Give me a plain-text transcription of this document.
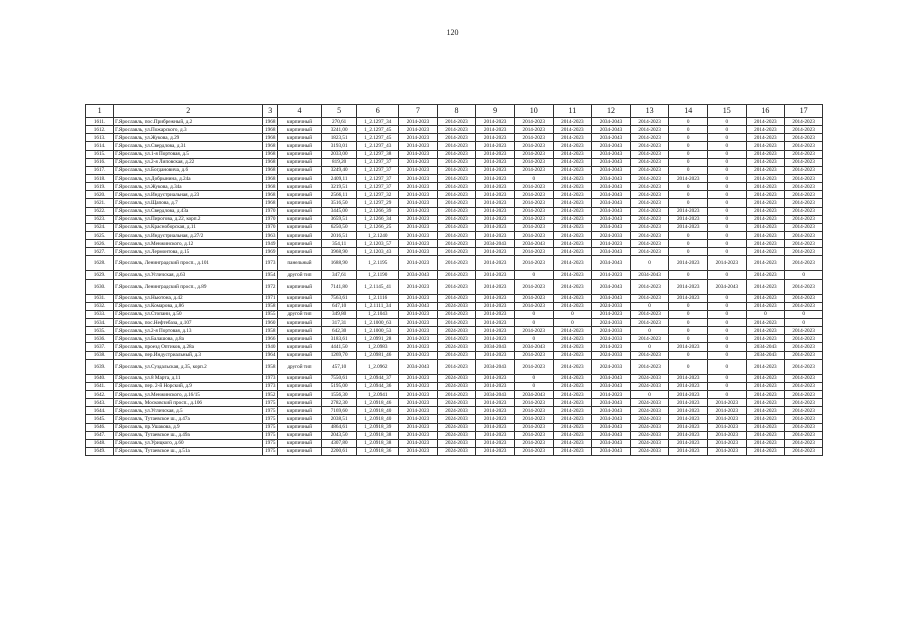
120
1	2	3	4	5	6	7	8	9	10	11	12	13	14	15	16	17
1611.	Г.Ярославль, пос.Прибрежный, д.2	1968	кирпичный	270,61	1_2.1297_34	2014-2023	2014-2023	2014-2023	2014-2023	2014-2023	2034-2043	2014-2023	0	0	2014-2023	2014-2023
1612.	Г.Ярославль, ул.Пожарского, д.3	1968	кирпичный	3241,00	1_2.1297_45	2014-2023	2014-2023	2014-2023	2014-2023	2014-2023	2034-2043	2014-2023	0	0	2014-2023	2014-2023
1613.	Г.Ярославль, ул.Жукова, д.29	1968	кирпичный	1823,51	1_2.1297_45	2014-2023	2014-2023	2014-2023	2014-2023	2014-2023	2034-2043	2014-2023	0	0	2014-2023	2014-2023
1614.	Г.Ярославль, ул.Свердлова, д.31	1968	кирпичный	3193,01	1_2.1297_43	2014-2023	2014-2023	2014-2023	2014-2023	2014-2023	2034-2043	2014-2023	0	0	2014-2023	2014-2023
1615.	Г.Ярославль, ул.1-я Портовая, д.5	1968	кирпичный	2033,00	1_2.1297_38	2014-2023	2014-2023	2014-2023	2014-2023	2014-2023	2034-2043	2014-2023	0	0	2014-2023	2014-2023
1616.	Г.Ярославль, ул.2-я Липовская, д.22	1968	кирпичный	819,20	1_2.1297_37	2014-2023	2014-2023	2014-2023	2014-2023	2014-2023	2034-2043	2014-2023	0	0	2014-2023	2014-2023
1617.	Г.Ярославль, ул.Богдановича, д.6	1968	кирпичный	3249,40	1_2.1297_37	2014-2023	2014-2023	2014-2023	2014-2023	2014-2023	2034-2043	2014-2023	0	0	2014-2023	2014-2023
1618.	Г.Ярославль, ул.Добрынина, д.24а	1968	кирпичный	2409,11	1_2.1297_37	2014-2023	2014-2023	2014-2023	0	2014-2023	2034-2043	2014-2023	2014-2023	0	2014-2023	2014-2023
1619.	Г.Ярославль, ул.Жукова, д.34а	1968	кирпичный	3219,51	1_2.1297_37	2014-2023	2014-2023	2014-2023	2014-2023	2014-2023	2034-2043	2014-2023	0	0	2014-2023	2014-2023
1620.	Г.Ярославль, ул.Индустриальная, д.23	1968	кирпичный	2566,11	1_2.1297_32	2014-2023	2014-2023	2014-2023	2014-2023	2014-2023	2034-2043	2014-2023	0	0	2014-2023	2014-2023
1621.	Г.Ярославль, ул.Щапова, д.7	1968	кирпичный	3516,50	1_2.1297_29	2014-2023	2014-2023	2014-2023	2014-2023	2014-2023	2034-2043	2014-2023	0	0	2014-2023	2014-2023
1622.	Г.Ярославль, ул.Свердлова, д.43а	1970	кирпичный	3445,00	1_2.1266_39	2014-2023	2014-2023	2014-2023	2014-2023	2014-2023	2034-2043	2014-2023	2014-2023	0	2014-2023	2014-2023
1623.	Г.Ярославль, ул.Пирогова, д.22, корп.2	1970	кирпичный	3659,51	1_2.1266_34	2014-2023	2014-2023	2014-2023	2014-2023	2014-2023	2034-2043	2014-2023	2014-2023	0	2014-2023	2014-2023
1624.	Г.Ярославль, ул.Красноборская, д.11	1970	кирпичный	6250,50	1_2.1266_25	2014-2023	2014-2023	2014-2023	2014-2023	2014-2023	2034-2043	2014-2023	2014-2023	0	2014-2023	2014-2023
1625.	Г.Ярославль, ул.Индустриальная, д.27/2	1963	кирпичный	2016,51	1_2.1240	2014-2023	2014-2023	2014-2023	2014-2023	2014-2023	2024-2033	2014-2023	0	0	2014-2023	2014-2023
1626.	Г.Ярославль, ул.Менжинского, д.12	1949	кирпичный	354,11	1_2.1203_57	2014-2023	2014-2023	2034-2043	2034-2043	2014-2023	2014-2023	2014-2023	0	0	2014-2023	2014-2023
1627.	Г.Ярославль, ул.Лермонтова, д.15	1969	кирпичный	3968,90	1_2.1203_43	2014-2023	2014-2023	2014-2023	2014-2023	2014-2023	2034-2043	2014-2023	0	0	2014-2023	2014-2023
1628.	Г.Ярославль, Ленинградский просп., д.101	1973	панельный	1688,90	1_2.1195	2014-2023	2014-2023	2014-2023	2014-2023	2014-2023	2034-2043	0	2014-2023	2014-2023	2014-2023	2014-2023
1629.	Г.Ярославль, ул.Угличская, д.63	1954	другой тип	347,61	1_2.1190	2034-2043	2014-2023	2014-2023	0	2014-2023	2014-2023	2034-2043	0	0	2014-2023	0
1630.	Г.Ярославль, Ленинградский просп., д.89	1972	кирпичный	7141,80	1_2.1145_41	2014-2023	2014-2023	2014-2023	2014-2023	2014-2023	2034-2043	2014-2023	2014-2023	2034-2043	2014-2023	2014-2023
1631.	Г.Ярославль, ул.Ньютона, д.42	1971	кирпичный	7563,61	1_2.1116	2014-2023	2014-2023	2014-2023	2014-2023	2014-2023	2034-2043	2014-2023	2014-2023	0	2014-2023	2014-2023
1632.	Г.Ярославль, ул.Комарова, д.86	1958	кирпичный	647,10	1_2.1111_34	2034-2043	2024-2033	2014-2023	2014-2023	2014-2023	2024-2033	0	0	0	2014-2023	2014-2023
1633.	Г.Ярославль, ул.Стопани, д.50	1955	другой тип	349,80	1_2.1043	2014-2023	2014-2023	2014-2023	0	0	2014-2023	2014-2023	0	0	0	0
1634.	Г.Ярославль, пос.Нефтебаза, д.107	1960	кирпичный	317,31	1_2.1000_63	2014-2023	2014-2023	2014-2023	0	0	2024-2033	2014-2023	0	0	2014-2023	0
1635.	Г.Ярославль, ул.2-я Портовая, д.13	1958	кирпичный	642,30	1_2.1000_53	2014-2023	2024-2033	2014-2023	2014-2023	2014-2023	2024-2033	0	0	0	2014-2023	2014-2023
1636.	Г.Ярославль, ул.Балашова, д.8а	1966	кирпичный	3183,61	1_2.0991_28	2014-2023	2014-2023	2014-2023	0	2014-2023	2024-2033	2014-2023	0	0	2014-2023	2014-2023
1637.	Г.Ярославль, проезд Оптиков, д.28а	1940	кирпичный	4441,50	1_2.0983	2014-2023	2024-2033	2034-2043	2034-2043	2014-2023	2014-2023	0	2014-2023	0	2034-2043	2014-2023
1638.	Г.Ярославль, пер.Индустриальный, д.3	1964	кирпичный	1269,70	1_2.0981_46	2014-2023	2014-2023	2014-2023	2014-2023	2014-2023	2024-2033	2014-2023	0	0	2034-2043	2014-2023
1639.	Г.Ярославль, ул.Суздальская, д.35, корп.2	1958	другой тип	457,10	1_2.0962	2034-2043	2014-2023	2034-2043	2014-2023	2014-2023	2024-2033	2014-2023	0	0	2014-2023	2014-2023
1640.	Г.Ярославль, ул.8 Марта, д.11	1973	кирпичный	7550,61	1_2.0944_37	2014-2023	2024-2033	2014-2023	0	2014-2023	2034-2043	2024-2033	2014-2023	0	2014-2023	2014-2023
1641.	Г.Ярославль, пер. 2-й Норский, д.9	1973	кирпичный	5195,00	1_2.0944_36	2014-2023	2024-2033	2014-2023	0	2014-2023	2034-2043	2024-2033	2014-2023	0	2014-2023	2014-2023
1642.	Г.Ярославль, ул.Менжинского, д.16/15	1952	кирпичный	1556,30	1_2.0941	2014-2023	2014-2023	2034-2043	2034-2043	2014-2023	2014-2023	0	2014-2023	0	2014-2023	2014-2023
1643.	Г.Ярославль, Московский просп., д.106	1975	кирпичный	2782,30	1_2.0918_46	2014-2023	2024-2033	2014-2023	2014-2023	2014-2023	2034-2043	2024-2033	2014-2023	2014-2023	2014-2023	2014-2023
1644.	Г.Ярославль, ул.Угличская, д.5	1975	кирпичный	7169,60	1_2.0918_40	2014-2023	2024-2033	2014-2023	2014-2023	2014-2023	2034-2043	2024-2033	2014-2023	2014-2023	2014-2023	2014-2023
1645.	Г.Ярославль, Тутаевское ш., д.47а	1975	кирпичный	2038,51	1_2.0918_40	2014-2023	2024-2033	2014-2023	2014-2023	2014-2023	2034-2043	2024-2033	2014-2023	2014-2023	2014-2023	2014-2023
1646.	Г.Ярославль, пр.Ушакова, д.9	1975	кирпичный	4864,61	1_2.0918_39	2014-2023	2024-2033	2014-2023	2014-2023	2014-2023	2034-2043	2024-2033	2014-2023	2014-2023	2014-2023	2014-2023
1647.	Г.Ярославль, Тутаевское ш., д.49а	1975	кирпичный	2043,50	1_2.0918_38	2014-2023	2024-2033	2014-2023	2014-2023	2014-2023	2034-2043	2024-2033	2014-2023	2014-2023	2014-2023	2014-2023
1648.	Г.Ярославль, ул.Урицкого, д.60	1975	кирпичный	4307,80	1_2.0918_38	2014-2023	2024-2033	2014-2023	2014-2023	2014-2023	2034-2043	2024-2033	2014-2023	2014-2023	2014-2023	2014-2023
1649.	Г.Ярославль, Тутаевское ш., д.51а	1975	кирпичный	2200,61	1_2.0918_36	2014-2023	2024-2033	2014-2023	2014-2023	2014-2023	2034-2043	2024-2033	2014-2023	2014-2023	2014-2023	2014-2023
